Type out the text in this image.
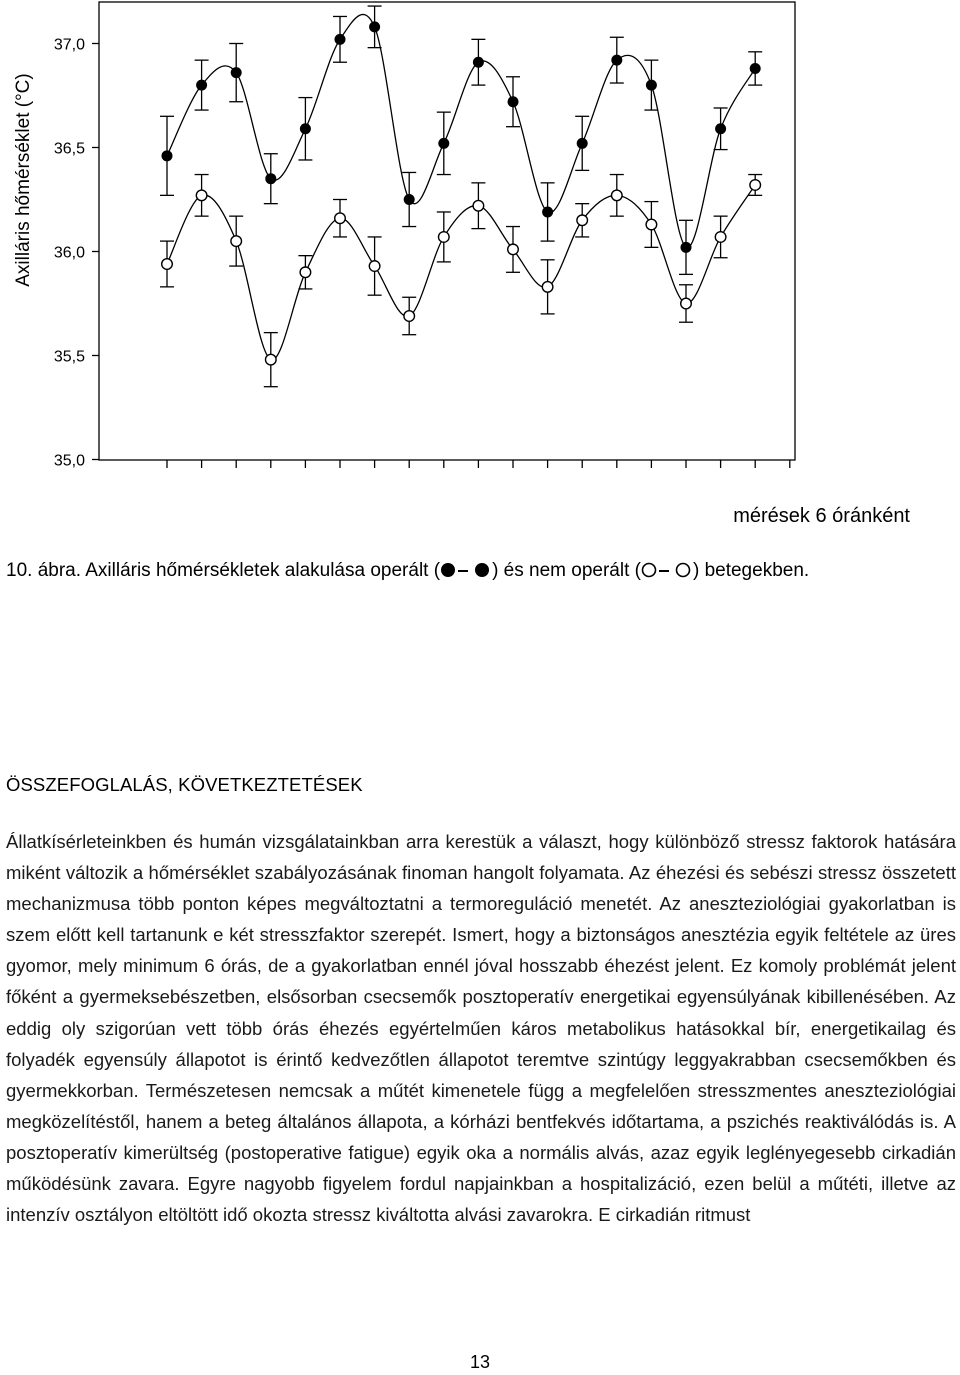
37,0
36,5
36,0
35,5
35,0
Axilláris hőmérséklet (°C)
mérések 6 óránként
10. ábra. Axilláris hőmérsékletek alakulása operált (	) és nem operált (	) betegekben.
ÖSSZEFOGLALÁS, KÖVETKEZTETÉSEK

Állatkísérleteinkben és humán vizsgálatainkban arra kerestük a választ, hogy különböző stressz faktorok hatására miként változik a hőmérséklet szabályozásának finoman hangolt folyamata. Az éhezési és sebészi stressz összetett mechanizmusa több ponton képes megváltoztatni a termoreguláció menetét. Az aneszteziológiai gyakorlatban is szem előtt kell tartanunk e két stresszfaktor szerepét. Ismert, hogy a biztonságos anesztézia egyik feltétele az üres gyomor, mely minimum 6 órás, de a gyakorlatban ennél jóval hosszabb éhezést jelent. Ez komoly problémát jelent főként a gyermeksebészetben, elsősorban csecsemők posztoperatív energetikai egyensúlyának kibillenésében. Az eddig oly szigorúan vett több órás éhezés egyértelműen káros metabolikus hatásokkal bír, energetikailag és folyadék egyensúly állapotot is érintő kedvezőtlen állapotot teremtve szintúgy leggyakrabban csecsemőkben és gyermekkorban. Természetesen nemcsak a műtét kimenetele függ a megfelelően stresszmentes aneszteziológiai megközelítéstől, hanem a beteg általános állapota, a kórházi bentfekvés időtartama, a pszichés reaktiválódás is. A posztoperatív kimerültség (postoperative fatigue) egyik oka a normális alvás, azaz egyik leglényegesebb cirkadián működésünk zavara. Egyre nagyobb figyelem fordul napjainkban a hospitalizáció, ezen belül a műtéti, illetve az intenzív osztályon eltöltött idő okozta stressz kiváltotta alvási zavarokra. E cirkadián ritmust

13
